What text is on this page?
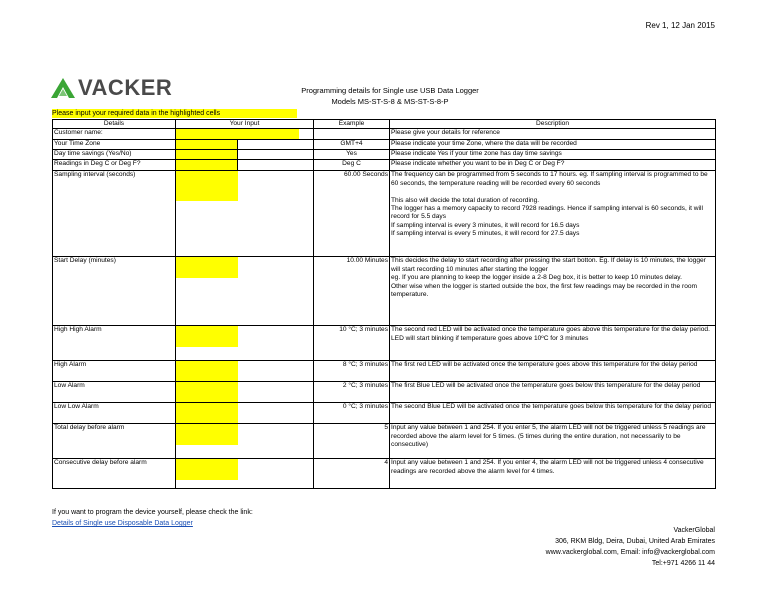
Rev 1, 12 Jan 2015
VACKER	Programming details for Single use USB Data Logger
Models MS-ST-S-8 & MS-ST-S-8-P
Please input your required data in the highlighted cells
Details	Your Input		Example	Description
Customer name:				Please give your details for reference
Your Time Zone			GMT+4	Please indicate your time Zone, where the data will be recorded
Day time savings (Yes/No)			Yes	Please indicate Yes if your time zone has day time savings
Readings in Deg C or Deg F?			Deg C	Please indicate whether you want to be in Deg C or Deg F?
Sampling interval (seconds)			60.00 Seconds	The frequency can be programmed from 5 seconds to 17 hours. eg. If sampling interval is programmed to be 60 seconds, the temperature reading will be recorded every 60 seconds

This also will decide the total duration of recording.
The logger has a memory capacity to record 7928 readings. Hence if sampling interval is 60 seconds, it will record for 5.5 days
If sampling interval is every 3 minutes, it will record for 16.5 days
If sampling interval is every 5 minutes, it will record for 27.5 days
Start Delay (minutes)			10.00 Minutes	This decides the delay to start recording after pressing the start botton. Eg. If delay is 10 minutes, the logger will start recording 10 minutes after starting the logger
eg. If you are planning to keep the logger inside a 2-8 Deg box, it is better to keep 10 minutes delay.
Other wise when the logger is started outside the box, the first few readings may be recorded in the room temperature.
High High Alarm			10 °C; 3 minutes	The second red LED will be activated once the temperature goes above this temperature for the delay period. LED will start blinking if temperature goes above 10ºC for 3 minutes
High Alarm			8 °C; 3 minutes	The first red LED will be activated once the temperature goes above this temperature for the delay period
Low Alarm			2 °C; 3 minutes	The first Blue LED will be activated once the temperature goes below this temperature for the delay period
Low Low Alarm			0 °C; 3 minutes	The second Blue LED will be activated once the temperature goes below this temperature for the delay period
Total delay before alarm			5	Input any value between 1 and 254. If you enter 5, the alarm LED will not be triggered unless 5 readings are recorded above the alarm level for 5 times. (5 times during the entire duration, not necessarily to be consecutive)
Consecutive delay before alarm			4	Input any value between 1 and 254. If you enter 4, the alarm LED will not be triggered unless 4 consecutive readings are recorded above the alarm level for 4 times.
If you want to program the device yourself, please check the link:
Details of Single use Disposable Data Logger
VackerGlobal
306, RKM Bldg, Deira, Dubai, United Arab Emirates
www.vackerglobal.com, Email: info@vackerglobal.com
Tel:+971 4266 11 44
